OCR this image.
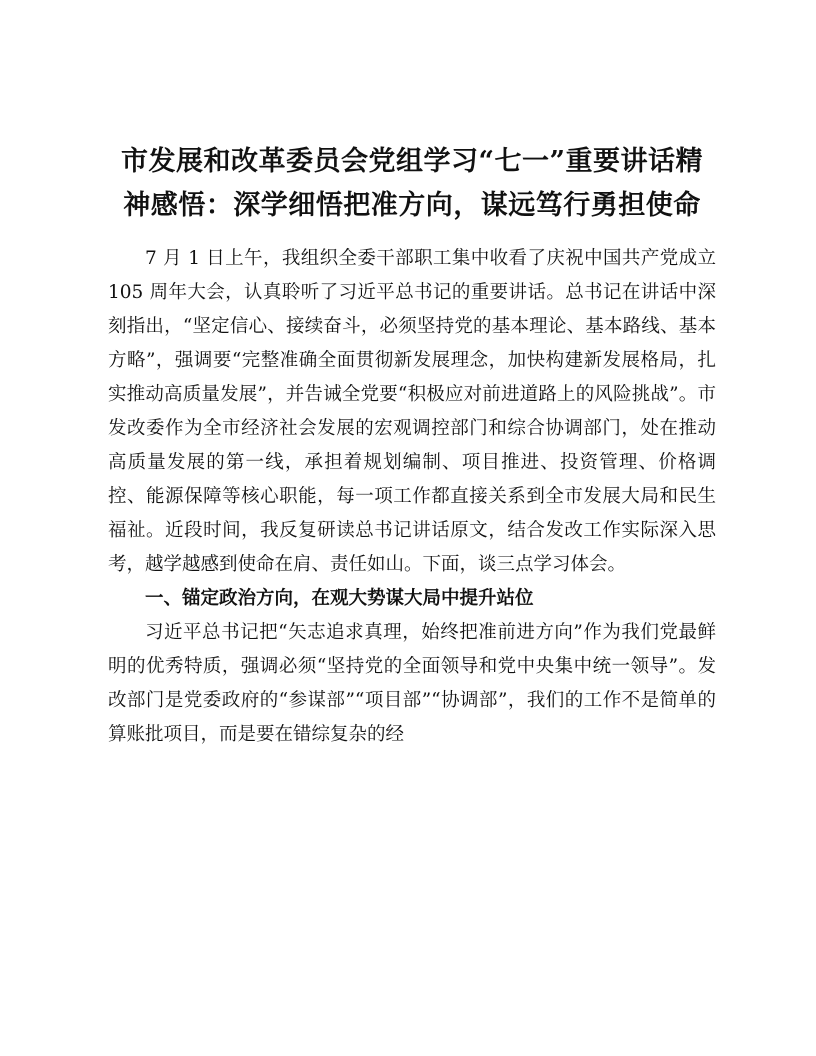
市发展和改革委员会党组学习“七一”重要讲话精神感悟：深学细悟把准方向，谋远笃行勇担使命

7 月 1 日上午，我组织全委干部职工集中收看了庆祝中国共产党成立 105 周年大会，认真聆听了习近平总书记的重要讲话。总书记在讲话中深刻指出，“坚定信心、接续奋斗，必须坚持党的基本理论、基本路线、基本方略”，强调要“完整准确全面贯彻新发展理念，加快构建新发展格局，扎实推动高质量发展”，并告诫全党要“积极应对前进道路上的风险挑战”。市发改委作为全市经济社会发展的宏观调控部门和综合协调部门，处在推动高质量发展的第一线，承担着规划编制、项目推进、投资管理、价格调控、能源保障等核心职能，每一项工作都直接关系到全市发展大局和民生福祉。近段时间，我反复研读总书记讲话原文，结合发改工作实际深入思考，越学越感到使命在肩、责任如山。下面，谈三点学习体会。

一、锚定政治方向，在观大势谋大局中提升站位

习近平总书记把“矢志追求真理，始终把准前进方向”作为我们党最鲜明的优秀特质，强调必须“坚持党的全面领导和党中央集中统一领导”。发改部门是党委政府的“参谋部”“项目部”“协调部”，我们的工作不是简单的算账批项目，而是要在错综复杂的经
